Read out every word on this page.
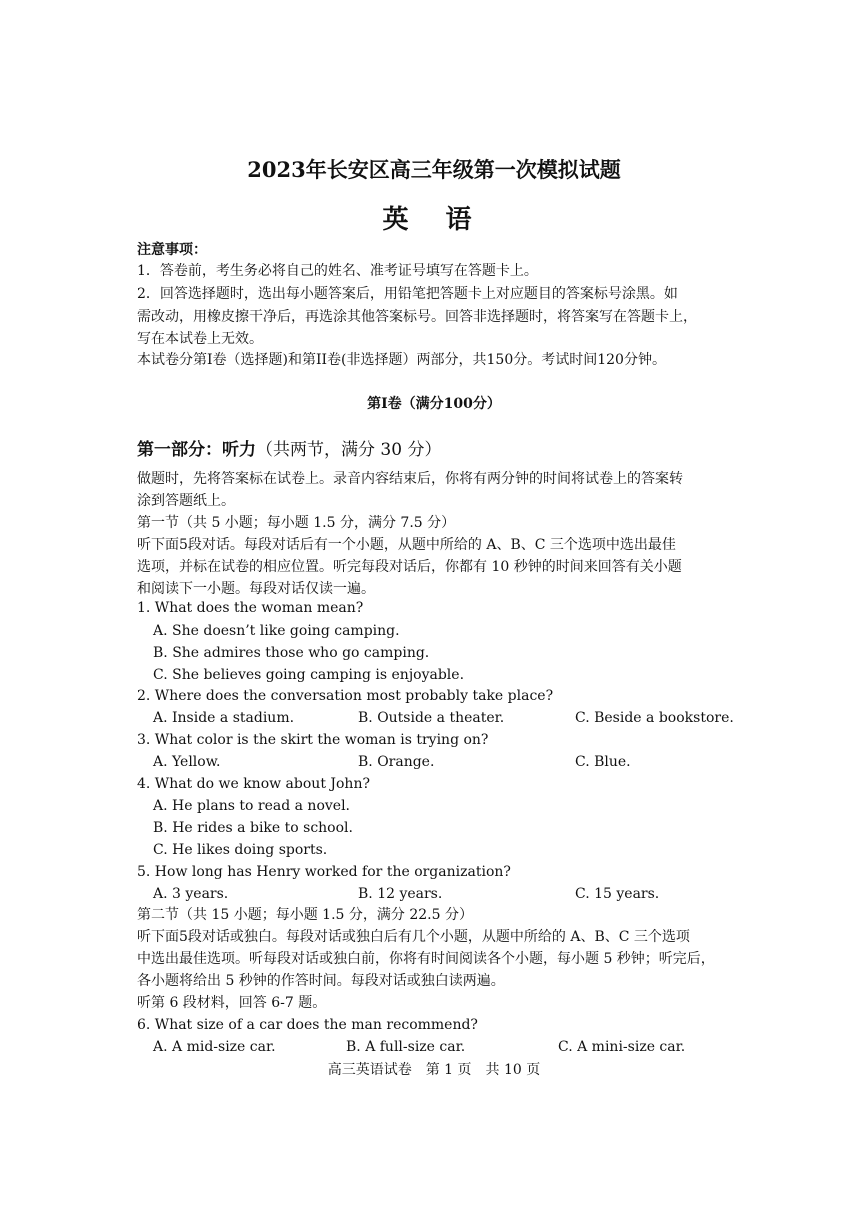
2023年长安区高三年级第一次模拟试题
英 语
注意事项：
1．答卷前，考生务必将自己的姓名、准考证号填写在答题卡上。
2．回答选择题时，选出每小题答案后，用铅笔把答题卡上对应题目的答案标号涂黑。如
需改动，用橡皮擦干净后，再选涂其他答案标号。回答非选择题时，将答案写在答题卡上，
写在本试卷上无效。
本试卷分第I卷（选择题)和第II卷(非选择题）两部分，共150分。考试时间120分钟。
第I卷（满分100分）
第一部分：听力（共两节，满分 30 分）
做题时，先将答案标在试卷上。录音内容结束后，你将有两分钟的时间将试卷上的答案转
涂到答题纸上。
第一节（共 5 小题；每小题 1.5 分，满分 7.5 分）
听下面5段对话。每段对话后有一个小题，从题中所给的 A、B、C 三个选项中选出最佳
选项，并标在试卷的相应位置。听完每段对话后，你都有 10 秒钟的时间来回答有关小题
和阅读下一小题。每段对话仅读一遍。
1. What does the woman mean?
A. She doesn’t like going camping.
B. She admires those who go camping.
C. She believes going camping is enjoyable.
2. Where does the conversation most probably take place?
A. Inside a stadium.	B. Outside a theater.	C. Beside a bookstore.
3. What color is the skirt the woman is trying on?
A. Yellow.	B. Orange.	C. Blue.
4. What do we know about John?
A. He plans to read a novel.
B. He rides a bike to school.
C. He likes doing sports.
5. How long has Henry worked for the organization?
A. 3 years.	B. 12 years.	C. 15 years.
第二节（共 15 小题；每小题 1.5 分，满分 22.5 分）
听下面5段对话或独白。每段对话或独白后有几个小题，从题中所给的 A、B、C 三个选项
中选出最佳选项。听每段对话或独白前，你将有时间阅读各个小题，每小题 5 秒钟；听完后，
各小题将给出 5 秒钟的作答时间。每段对话或独白读两遍。
听第 6 段材料，回答 6-7 题。
6. What size of a car does the man recommend?
A. A mid-size car.	B. A full-size car.	C. A mini-size car.
高三英语试卷　第 1 页　共 10 页
